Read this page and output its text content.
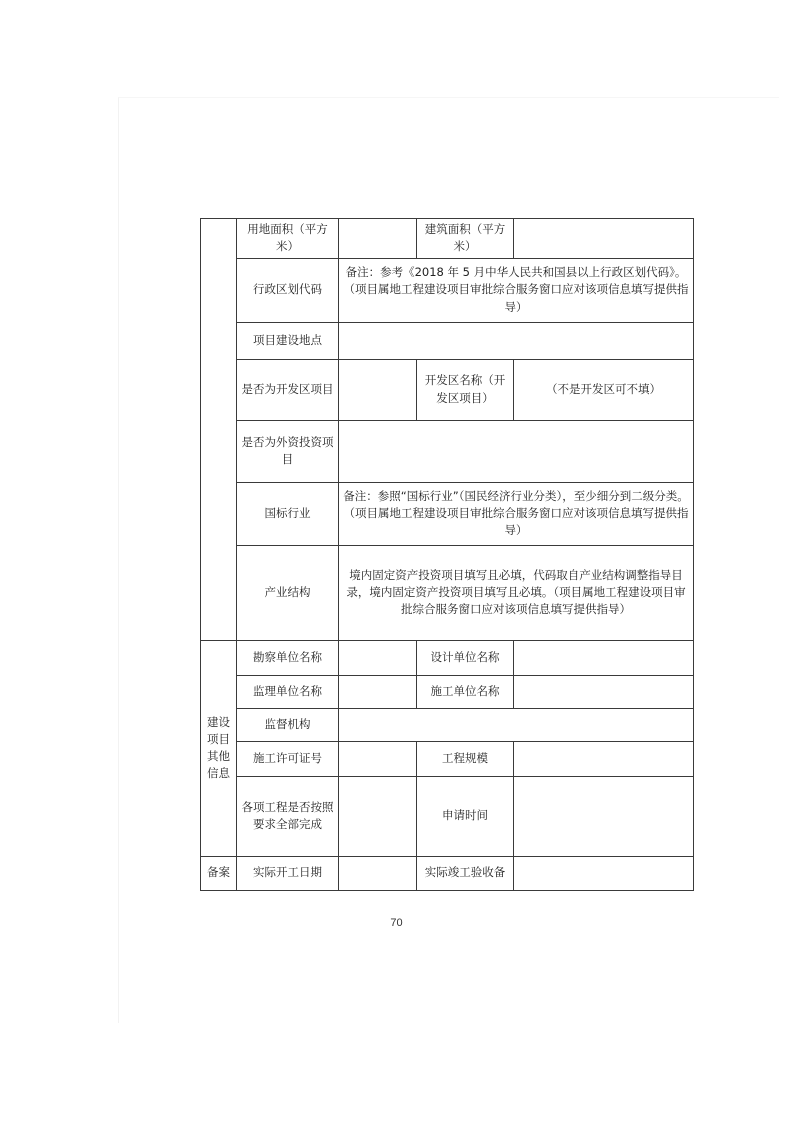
	用地面积（平方米）		建筑面积（平方米）	
	行政区划代码	备注：参考《2018 年 5 月中华人民共和国县以上行政区划代码》。（项目属地工程建设项目审批综合服务窗口应对该项信息填写提供指导）		
	项目建设地点			
	是否为开发区项目		开发区名称（开发区项目）	（不是开发区可不填）
	是否为外资投资项目			
	国标行业	备注：参照“国标行业”（国民经济行业分类），至少细分到二级分类。（项目属地工程建设项目审批综合服务窗口应对该项信息填写提供指导）		
	产业结构	境内固定资产投资项目填写且必填，代码取自产业结构调整指导目录，境内固定资产投资项目填写且必填。（项目属地工程建设项目审批综合服务窗口应对该项信息填写提供指导）		
建设项目其他信息	勘察单位名称		设计单位名称	
	监理单位名称		施工单位名称	
	监督机构			
	施工许可证号		工程规模	
	各项工程是否按照要求全部完成		申请时间	
备案	实际开工日期		实际竣工验收备	
70
